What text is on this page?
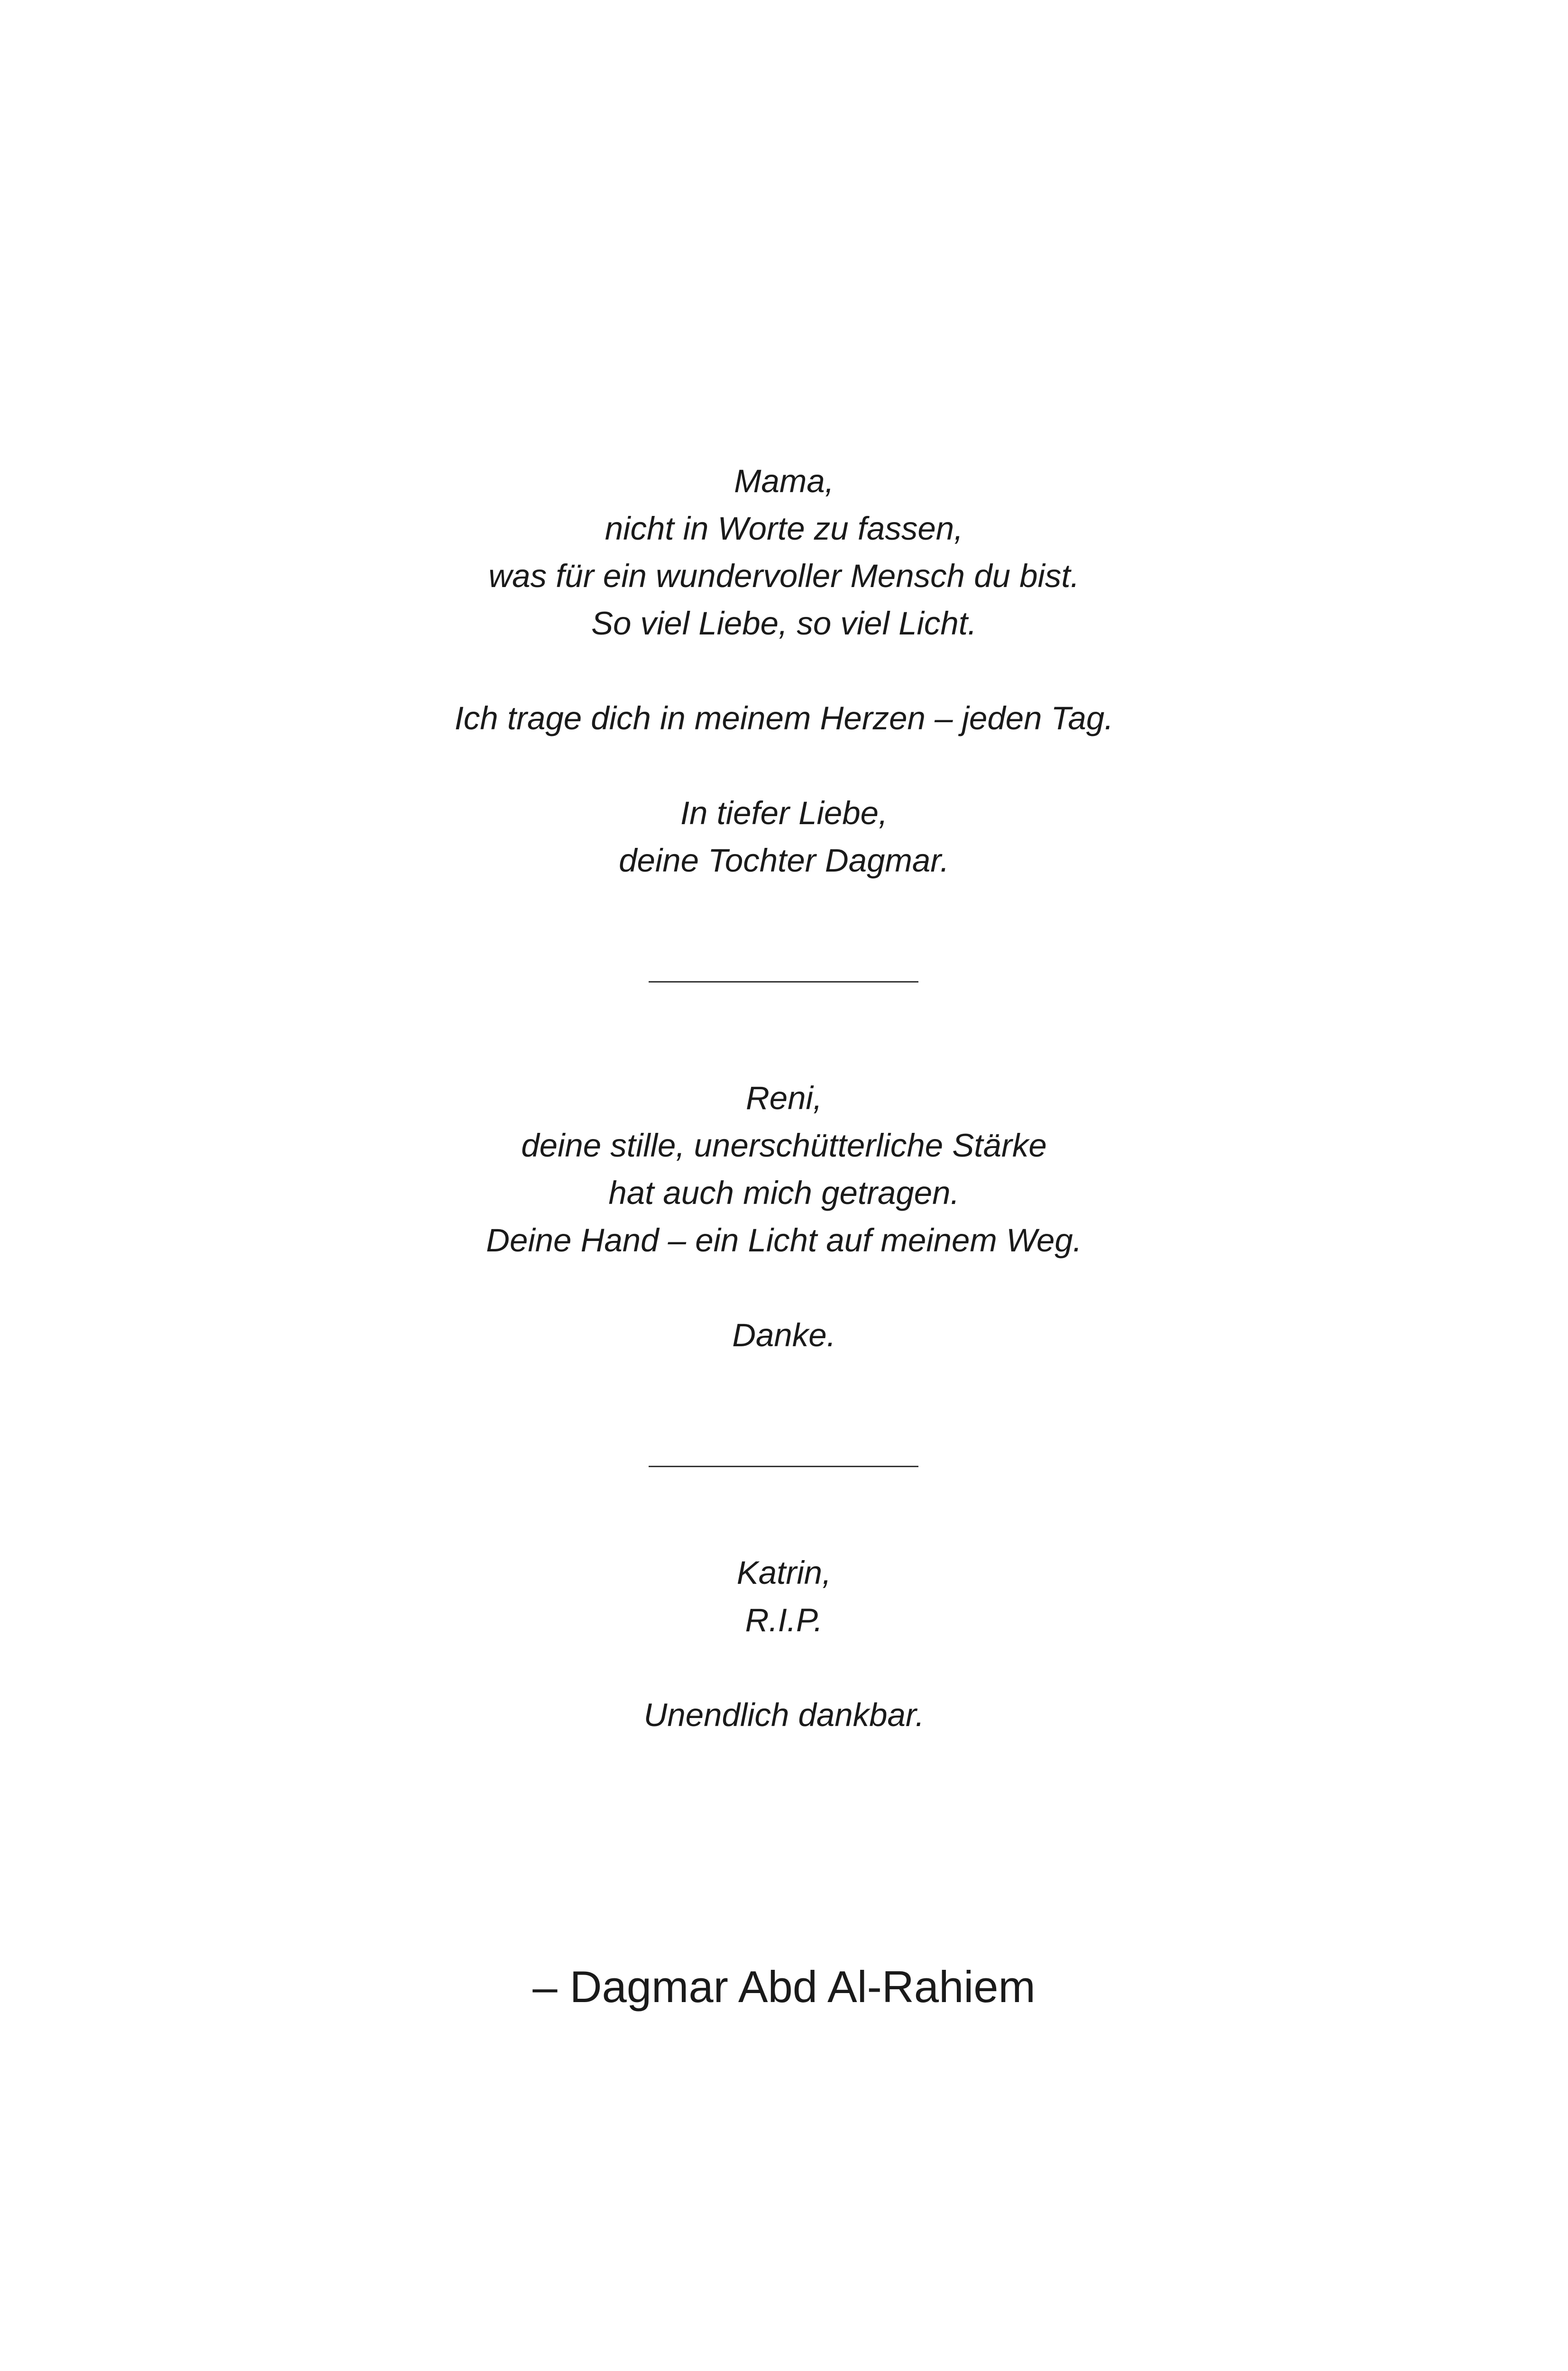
Mama,
nicht in Worte zu fassen,
was für ein wundervoller Mensch du bist.
So viel Liebe, so viel Licht.
Ich trage dich in meinem Herzen – jeden Tag.
In tiefer Liebe,
deine Tochter Dagmar.
Reni,
deine stille, unerschütterliche Stärke
hat auch mich getragen.
Deine Hand – ein Licht auf meinem Weg.
Danke.
Katrin,
R.I.P.
Unendlich dankbar.
– Dagmar Abd Al-Rahiem
